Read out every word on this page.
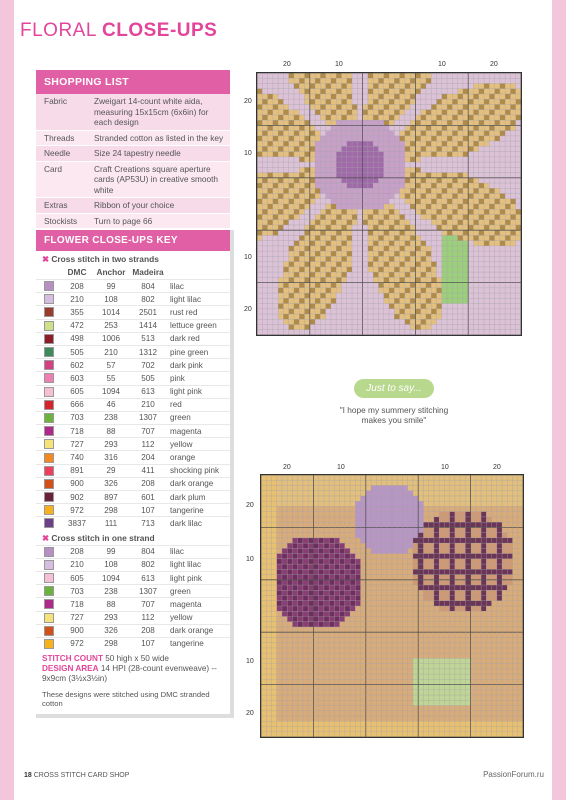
FLORAL CLOSE-UPS
SHOPPING LIST
Fabric	Zweigart 14-count white aida, measuring 15x15cm (6x6in) for each design
Threads	Stranded cotton as listed in the key
Needle	Size 24 tapestry needle
Card	Craft Creations square aperture cards (AP53U) in creative smooth white
Extras	Ribbon of your choice
Stockists	Turn to page 66
FLOWER CLOSE-UPS KEY
✖ Cross stitch in two strands
DMC	Anchor Madeira
208	99	804	lilac
210	108	802	light lilac
355	1014	2501	rust red
472	253	1414	lettuce green
498	1006	513	dark red
505	210	1312	pine green
602	57	702	dark pink
603	55	505	pink
605	1094	613	light pink
666	46	210	red
703	238	1307	green
718	88	707	magenta
727	293	112	yellow
740	316	204	orange
891	29	411	shocking pink
900	326	208	dark orange
902	897	601	dark plum
972	298	107	tangerine
3837	111	713	dark lilac
✖ Cross stitch in one strand
208	99	804	lilac
210	108	802	light lilac
605	1094	613	light pink
703	238	1307	green
718	88	707	magenta
727	293	112	yellow
900	326	208	dark orange
972	298	107	tangerine
STITCH COUNT 50 high x 50 wide
DESIGN AREA 14 HPI (28-count evenweave) -- 9x9cm (3½x3½in)
These designs were stitched using DMC stranded cotton
20	10	10	20
20
10
10
20
Just to say...
"I hope my summery stitching makes you smile"
20	10	10	20
20
10
10
20
18 CROSS STITCH CARD SHOP	PassionForum.ru
